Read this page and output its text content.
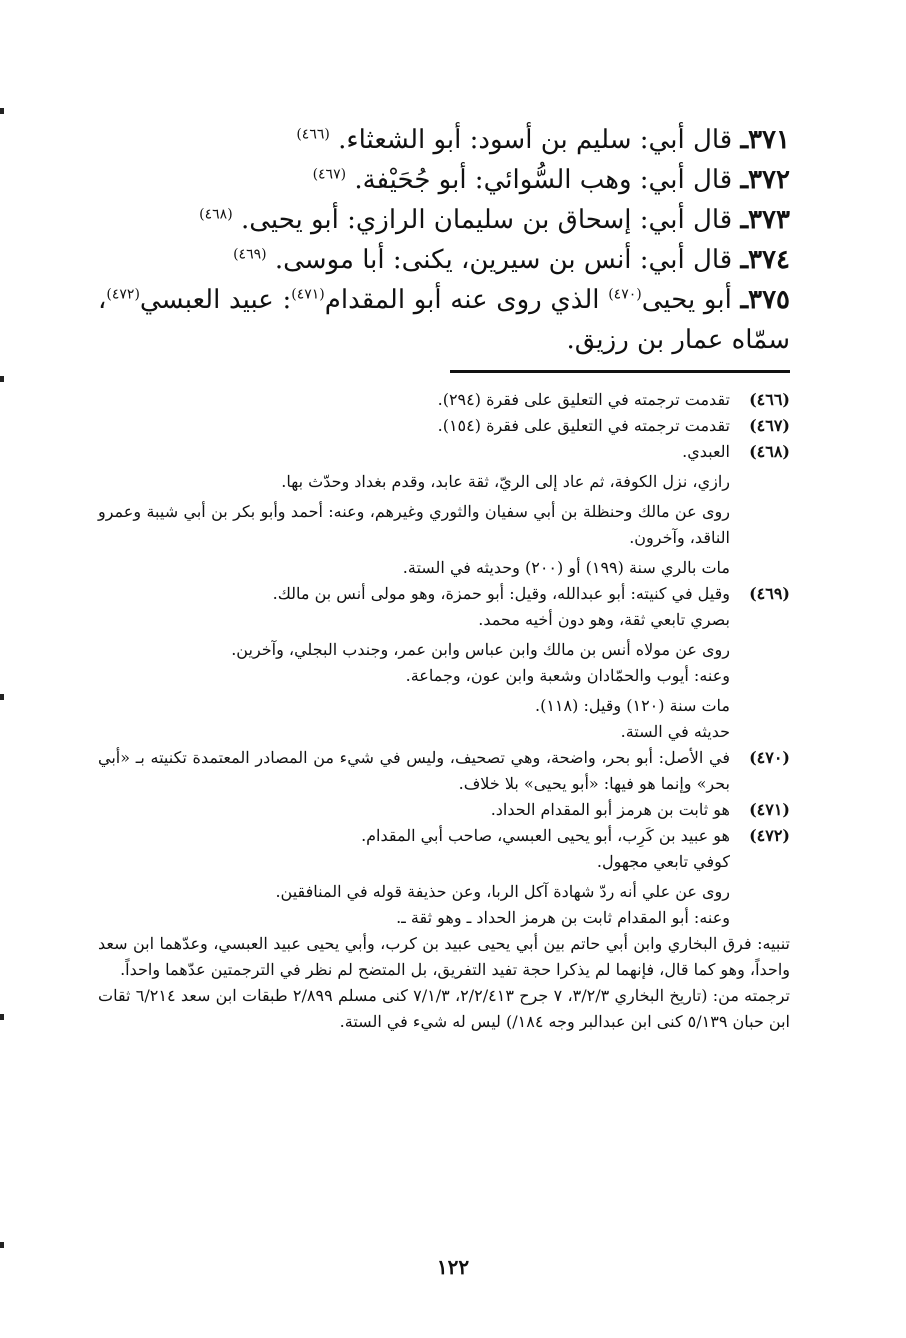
٣٧١ـ قال أبي: سليم بن أسود: أبو الشعثاء. $^{(٤٦٦)}$

٣٧٢ـ قال أبي: وهب السُّوائي: أبو جُحَيْفة. $^{(٤٦٧)}$

٣٧٣ـ قال أبي: إسحاق بن سليمان الرازي: أبو يحيى. $^{(٤٦٨)}$

٣٧٤ـ قال أبي: أنس بن سيرين، يكنى: أبا موسى. $^{(٤٦٩)}$

٣٧٥ـ أبو يحيى$^{(٤٧٠)}$ الذي روى عنه أبو المقدام$^{(٤٧١)}$: عبيد العبسي$^{(٤٧٢)}$، سمّاه عمار بن رزيق.

(٤٦٦)

تقدمت ترجمته في التعليق على فقرة (٢٩٤).

(٤٦٧)

تقدمت ترجمته في التعليق على فقرة (١٥٤).

(٤٦٨)

العبدي.

رازي، نزل الكوفة، ثم عاد إلى الريّ، ثقة عابد، وقدم بغداد وحدّث بها.

روى عن مالك وحنظلة بن أبي سفيان والثوري وغيرهم، وعنه: أحمد وأبو بكر بن أبي شيبة وعمرو الناقد، وآخرون.

مات بالري سنة (١٩٩) أو (٢٠٠) وحديثه في الستة.

(٤٦٩)

وقيل في كنيته: أبو عبدالله، وقيل: أبو حمزة، وهو مولى أنس بن مالك.

بصري تابعي ثقة، وهو دون أخيه محمد.

روى عن مولاه أنس بن مالك وابن عباس وابن عمر، وجندب البجلي، وآخرين.

وعنه: أيوب والحمّادان وشعبة وابن عون، وجماعة.

مات سنة (١٢٠) وقيل: (١١٨).

حديثه في الستة.

(٤٧٠)

في الأصل: أبو بحر، واضحة، وهي تصحيف، وليس في شيء من المصادر المعتمدة تكنيته بـ «أبي بحر» وإنما هو فيها: «أبو يحيى» بلا خلاف.

(٤٧١)

هو ثابت بن هرمز أبو المقدام الحداد.

(٤٧٢)

هو عبيد بن كَرِب، أبو يحيى العبسي، صاحب أبي المقدام.

كوفي تابعي مجهول.

روى عن علي أنه ردّ شهادة آكل الربا، وعن حذيفة قوله في المنافقين.

وعنه: أبو المقدام ثابت بن هرمز الحداد ـ وهو ثقة ـ.

تنبيه: فرق البخاري وابن أبي حاتم بين أبي يحيى عبيد بن كرب، وأبي يحيى عبيد العبسي، وعدّهما ابن سعد واحداً، وهو كما قال، فإنهما لم يذكرا حجة تفيد التفريق، بل المتضح لم نظر في الترجمتين عدّهما واحداً.

ترجمته من: (تاريخ البخاري ٣/٢/٣، ٧ جرح ٢/٢/٤١٣، ٧/١/٣ كنى مسلم ٢/٨٩٩ طبقات ابن سعد ٦/٢١٤ ثقات ابن حبان ٥/١٣٩ كنى ابن عبدالبر وجه ١٨٤/) ليس له شيء في الستة.

١٢٢
